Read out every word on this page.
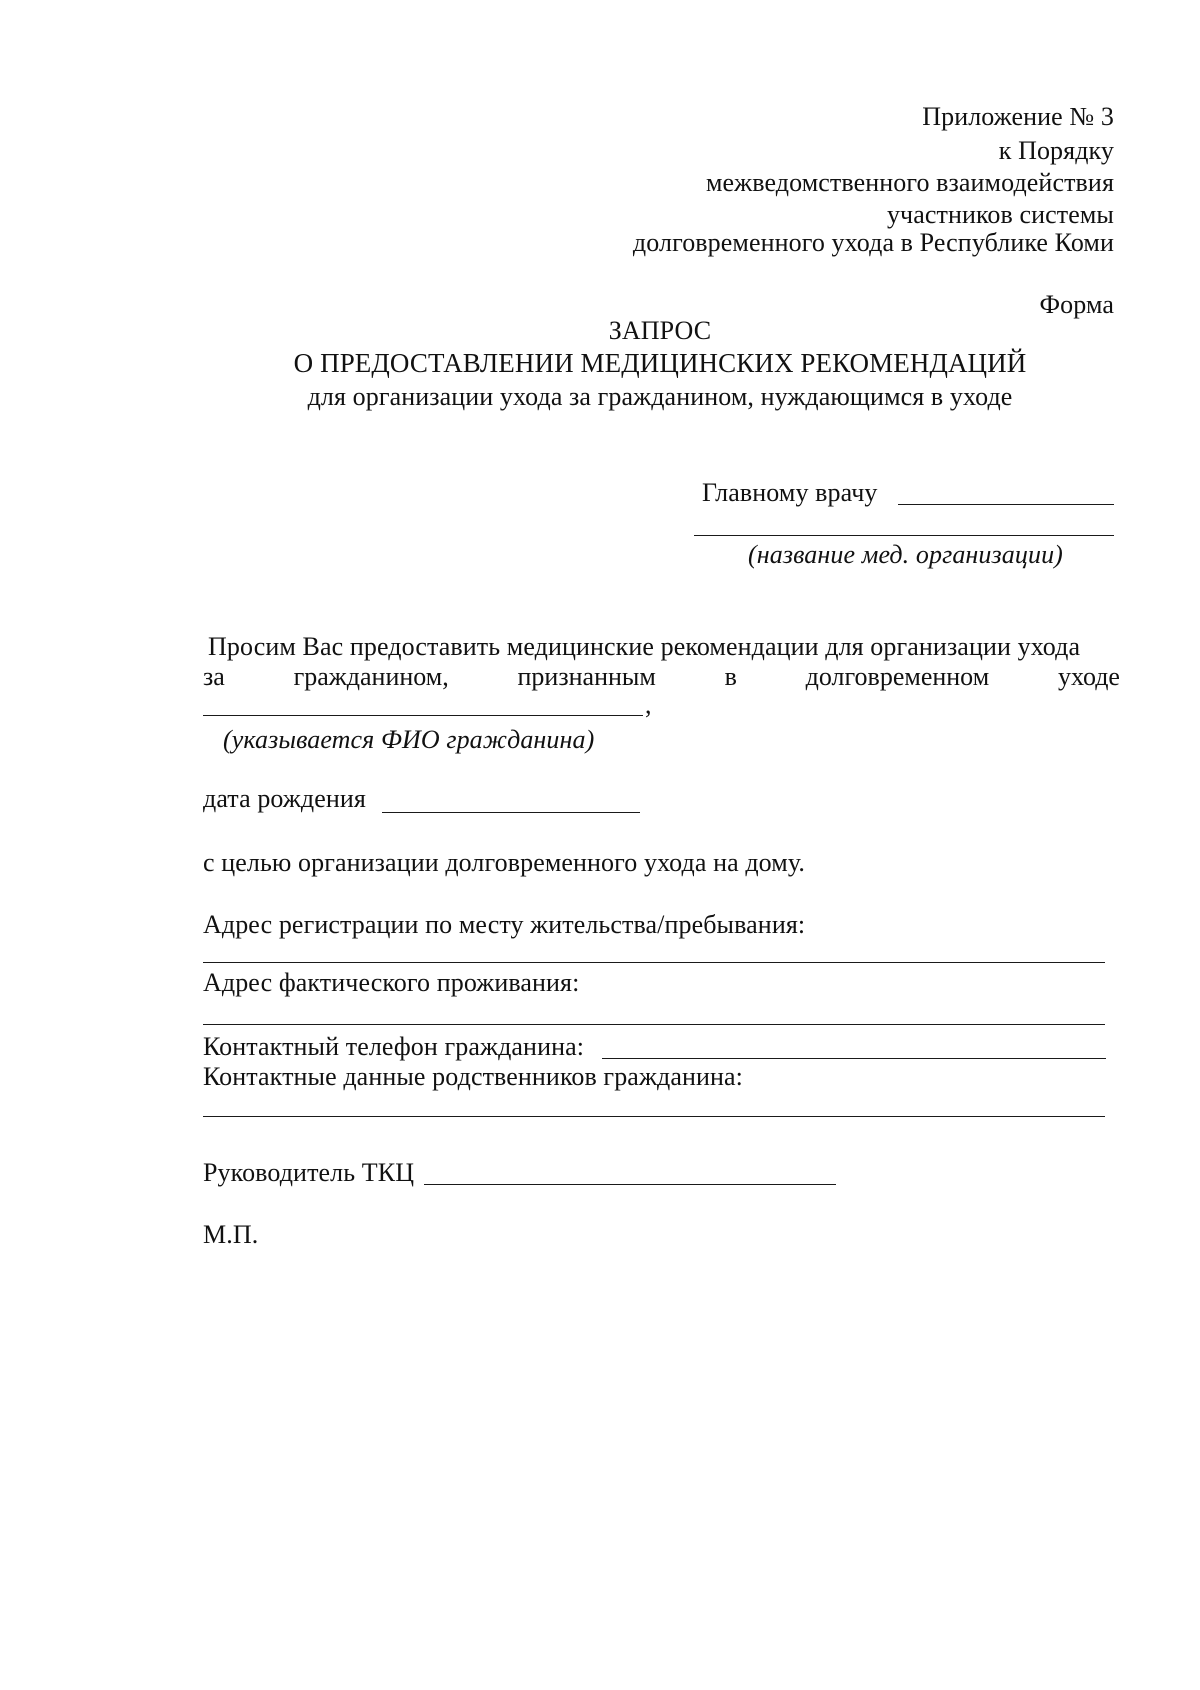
Приложение № 3
к Порядку
межведомственного взаимодействия
участников системы
долговременного ухода в Республике Коми
Форма
ЗАПРОС
О ПРЕДОСТАВЛЕНИИ МЕДИЦИНСКИХ РЕКОМЕНДАЦИЙ
для организации ухода за гражданином, нуждающимся в уходе
Главному врачу
(название мед. организации)
Просим Вас предоставить медицинские рекомендации для организации ухода
за	гражданином,	признанным	в	долговременном	уходе
,
(указывается ФИО гражданина)
дата рождения
с целью организации долговременного ухода на дому.
Адрес регистрации по месту жительства/пребывания:
Адрес фактического проживания:
Контактный телефон гражданина:
Контактные данные родственников гражданина:
Руководитель ТКЦ
М.П.
